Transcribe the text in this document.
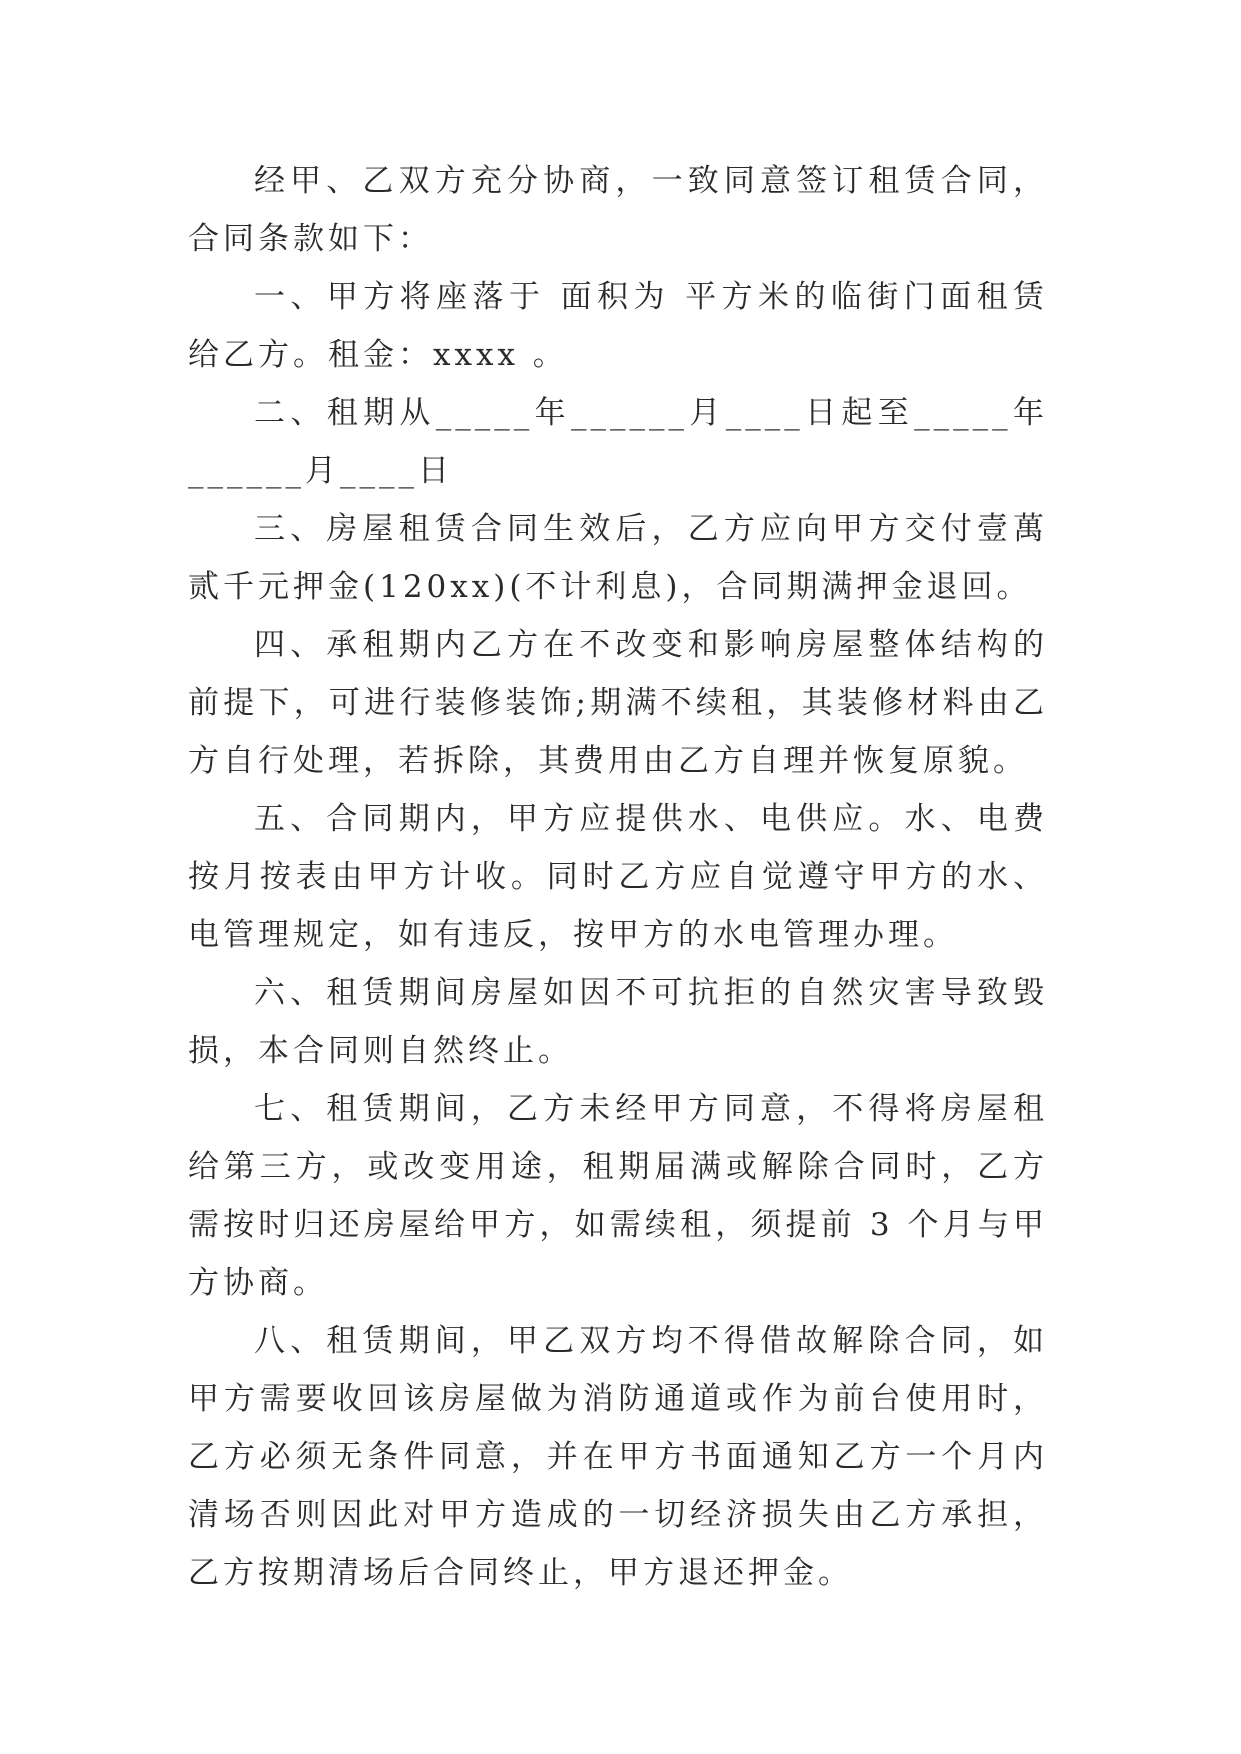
经甲、乙双方充分协商，一致同意签订租赁合同，合同条款如下：

一、甲方将座落于 面积为 平方米的临街门面租赁给乙方。租金：xxxx 。

二、租期从_____年______月____日起至_____年______月____日

三、房屋租赁合同生效后，乙方应向甲方交付壹萬贰千元押金(120xx)(不计利息)，合同期满押金退回。

四、承租期内乙方在不改变和影响房屋整体结构的前提下，可进行装修装饰;期满不续租，其装修材料由乙方自行处理，若拆除，其费用由乙方自理并恢复原貌。

五、合同期内，甲方应提供水、电供应。水、电费按月按表由甲方计收。同时乙方应自觉遵守甲方的水、电管理规定，如有违反，按甲方的水电管理办理。

六、租赁期间房屋如因不可抗拒的自然灾害导致毁损，本合同则自然终止。

七、租赁期间，乙方未经甲方同意，不得将房屋租给第三方，或改变用途，租期届满或解除合同时，乙方需按时归还房屋给甲方，如需续租，须提前 3 个月与甲方协商。

八、租赁期间，甲乙双方均不得借故解除合同，如甲方需要收回该房屋做为消防通道或作为前台使用时，乙方必须无条件同意，并在甲方书面通知乙方一个月内清场否则因此对甲方造成的一切经济损失由乙方承担，乙方按期清场后合同终止，甲方退还押金。
